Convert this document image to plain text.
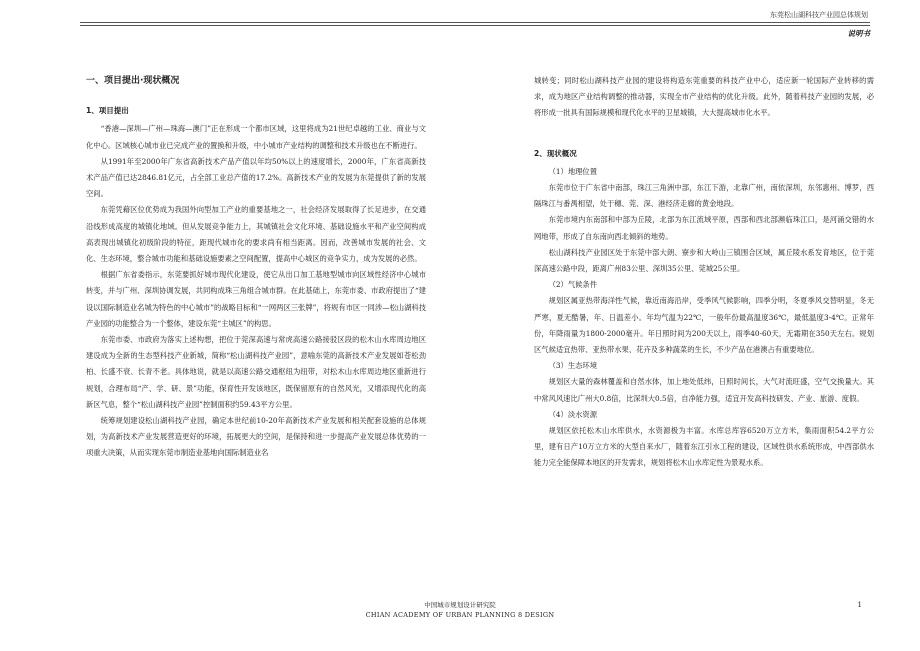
东莞松山湖科技产业园总体规划
说明书
一、项目提出·现状概况
1、项目提出

“香港—深圳—广州—珠海—澳门”正在形成一个都市区域，这里将成为21世纪卓越的工业、商业与文化中心。区域核心城市业已完成产业的置换和升级，中小城市产业结构的调整和技术升级也在不断进行。

从1991年至2000年广东省高新技术产品产值以年均50%以上的速度增长，2000年，广东省高新技术产品产值已达2846.81亿元，占全部工业总产值的17.2%。高新技术产业的发展为东莞提供了新的发展空间。

东莞凭藉区位优势成为我国外向型加工产业的重要基地之一，社会经济发展取得了长足进步，在交通沿线形成高度的城镇化地域。但从发展竞争能力上，其城镇社会文化环境、基础设施水平和产业空间构成高表现出城镇化初级阶段的特征，距现代城市化的要求尚有相当距离。因而，改善城市发展的社会、文化、生态环境，整合城市功能和基础设施要素之空间配置，提高中心城区的竞争实力，成为发展的必然。

根据广东省委指示，东莞要抓好城市现代化建设，使它从出口加工基地型城市向区域性经济中心城市转变，并与广州、深圳协调发展，共同构成珠三角组合城市群。在此基础上，东莞市委、市政府提出了“建设以国际制造业名城为特色的中心城市”的战略目标和“一网两区三张牌”，将规有市区一同涉—松山湖科技产业园的功能整合为一个整体，建设东莞“主城区”的构思。

东莞市委、市政府为落实上述构想，把位于莞深高速与常虎高速公路接驳区段的松木山水库周边地区建设成为全新的生态型科技产业新城，简称“松山湖科技产业园”，意喻东莞的高新技术产业发展如苍松劲柏、长盛不衰、长青不老。具体地说，就是以高速公路交通枢纽为纽带，对松木山水库周边地区重新进行规划，合理布局“产、学、研、景”功能，保育性开发该地区，既保留原有的自然风光，又增添现代化的高新区气息，整个“松山湖科技产业园”控制面积约59.43平方公里。

统筹规划建设松山湖科技产业园，确定本世纪前10-20年高新技术产业发展和相关配套设施的总体规划，为高新技术产业发展营造更好的环境，拓展更大的空间，是保持和进一步提高产业发展总体优势的一项重大决策，从而实现东莞市制造业基地向国际制造业名

城转变；同时松山湖科技产业园的建设将构造东莞重要的科技产业中心，适应新一轮国际产业转移的需求，成为地区产业结构调整的推动器，实现全市产业结构的优化升级。此外，随着科技产业园的发展，必将形成一批具有国际规模和现代化水平的卫星城镇，大大提高城市化水平。

2、现状概况

（1）地理位置

东莞市位于广东省中南部，珠江三角洲中部，东江下游，北靠广州，南依深圳，东邻惠州、博罗，西隔珠江与番禺相望，处于穗、莞、深、港经济走廊的黄金地段。

东莞市境内东南部和中部为丘陵，北部为东江流域平原，西部和西北部濒临珠江口，是河涌交错的水网地带，形成了自东南向西北倾斜的地势。

松山湖科技产业园区处于东莞中部大朗、寮步和大岭山三镇围合区域，属丘陵水系发育地区，位于莞深高速公路中段，距离广州83公里、深圳35公里、莞城25公里。

（2）气候条件

规划区属亚热带海洋性气候，靠近南海沿岸，受季风气候影响，四季分明，冬夏季风交替明显，冬无严寒，夏无酷暑，年、日温差小。年均气温为22℃，一般年份最高温度36℃，最低温度3-4℃。正常年份，年降雨量为1800-2000毫升。年日照时间为200天以上，雨季40-60天，无霜期在350天左右。规划区气候适宜热带、亚热带水果、花卉及多种蔬菜的生长，不少产品在港澳占有重要地位。

（3）生态环境

规划区大量的森林覆盖和自然水体，加上地处低纬，日照时间长，大气对流旺盛，空气交换量大。其中常风风速比广州大0.8倍，比深圳大0.5倍，自净能力强，适宜开发高科技研发、产业、旅游、度假。

（4）淡水资源

规划区依托松木山水库供水，水资源极为丰富。水库总库容6520万立方米，集雨面积54.2平方公里，建有日产10万立方米的大型自来水厂，随着东江引水工程的建设，区域性供水系统形成，中西部供水能力完全能保障本地区的开发需求，规划将松木山水库定性为景观水系。

中国城市规划设计研究院
CHIAN ACADEMY OF URBAN PLANNING 8 DESIGN
1
